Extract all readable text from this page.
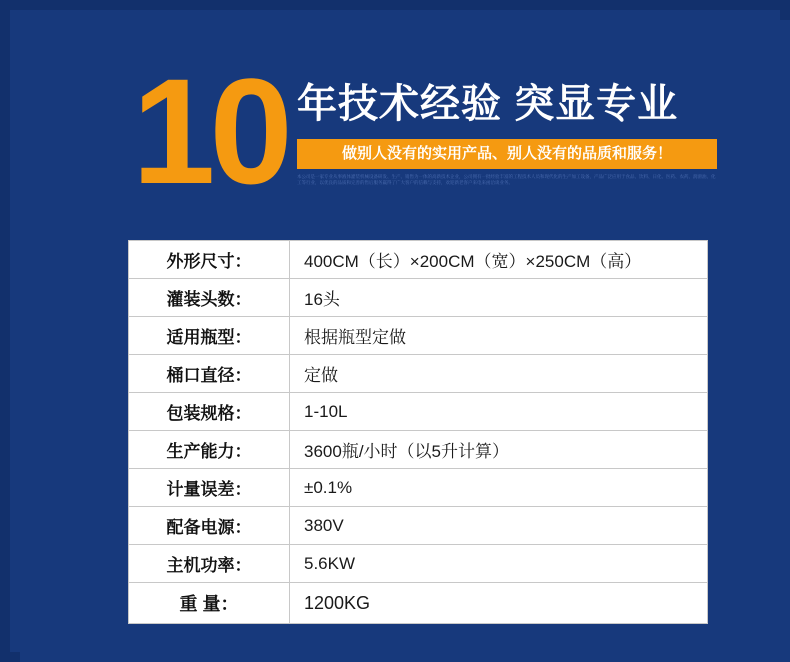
10 年技术经验 突显专业
做别人没有的实用产品、别人没有的品质和服务！
本公司是一家专业从事液体灌装机械设备研发、生产、销售为一体的高新技术企业，公司拥有一批经验丰富的工程技术人员和现代化的生产加工设备，产品广泛应用于食品、饮料、日化、医药、农药、润滑油、化工等行业，以优良的品质和完善的售后服务赢得了广大客户的信赖与支持，欢迎新老客户来电来函洽谈业务。
外形尺寸：	400CM（长）×200CM（宽）×250CM（高）
灌装头数：	16头
适用瓶型：	根据瓶型定做
桶口直径：	定做
包装规格：	1-10L
生产能力：	3600瓶/小时（以5升计算）
计量误差：	±0.1%
配备电源：	380V
主机功率：	5.6KW
重 量：	1200KG
